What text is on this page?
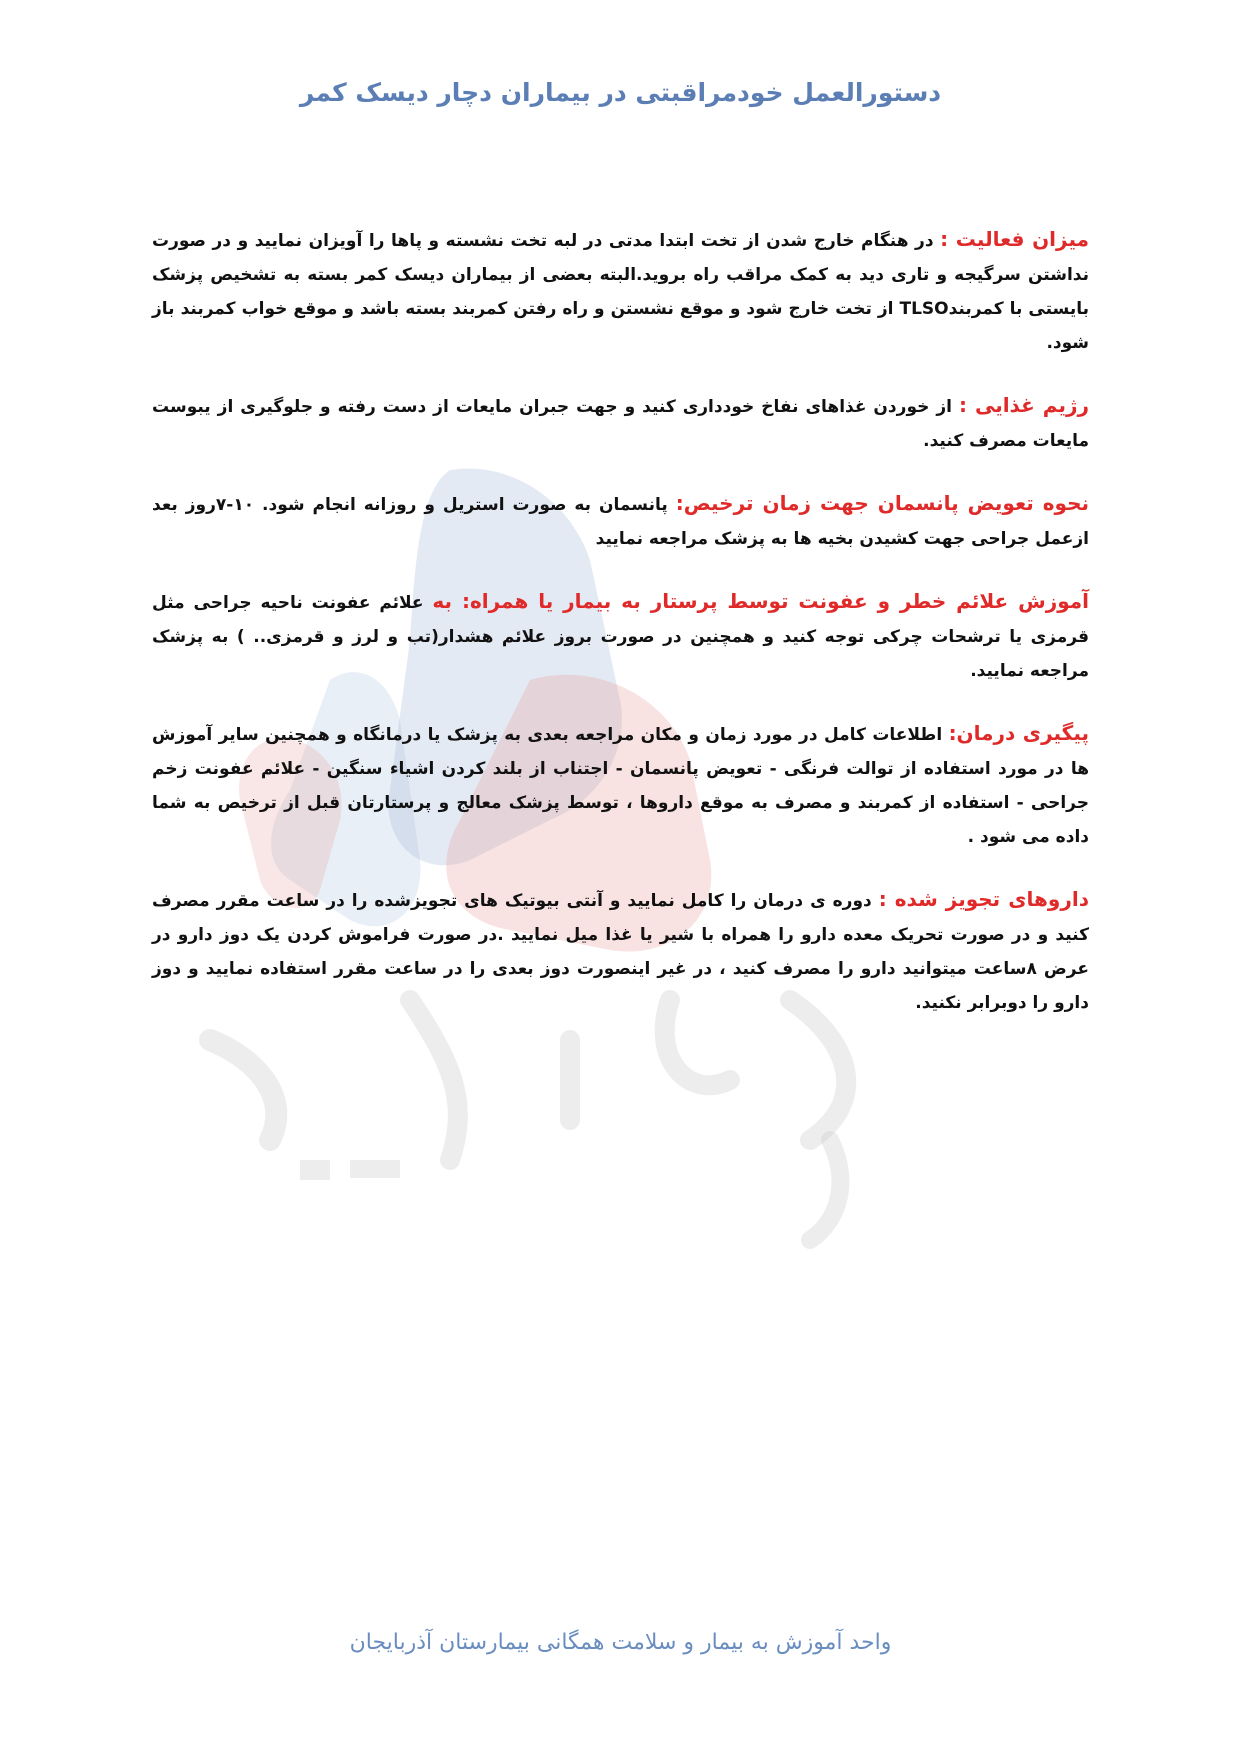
دستورالعمل خودمراقبتی در بیماران دچار دیسک کمر

میزان فعالیت : در هنگام خارج شدن از تخت ابتدا مدتی در لبه تخت نشسته و پاها را آویزان نمایید و در صورت نداشتن سرگیجه و تاری دید به کمک مراقب راه بروید.البته بعضی از بیماران دیسک کمر بسته به تشخیص پزشک بایستی با کمربندTLSO از تخت خارج شود و موقع نشستن و راه رفتن کمربند بسته باشد و موقع خواب کمربند باز شود.

رژیم غذایی : از خوردن غذاهای نفاخ خودداری کنید و جهت جبران مایعات از دست رفته و جلوگیری از یبوست مایعات مصرف کنید.

نحوه تعویض پانسمان جهت زمان ترخیص: پانسمان به صورت استریل و روزانه انجام شود. ۱۰-۷روز بعد ازعمل جراحی جهت کشیدن بخیه ها به پزشک مراجعه نمایید

آموزش علائم خطر و عفونت توسط پرستار به بیمار یا همراه: به علائم عفونت ناحیه جراحی مثل قرمزی یا ترشحات چرکی توجه کنید و همچنین در صورت بروز علائم هشدار(تب و لرز و قرمزی.. ) به پزشک مراجعه نمایید.

پیگیری درمان: اطلاعات کامل در مورد زمان و مکان مراجعه بعدی به پزشک یا درمانگاه و همچنین سایر آموزش ها در مورد استفاده از توالت فرنگی - تعویض پانسمان - اجتناب از بلند کردن اشیاء سنگین - علائم عفونت زخم جراحی - استفاده از کمربند و مصرف به موقع داروها ، توسط پزشک معالج و پرستارتان قبل از ترخیص به شما داده می شود .

داروهای تجویز شده : دوره ی درمان را کامل نمایید و آنتی بیوتیک های تجویزشده را در ساعت مقرر مصرف کنید و در صورت تحریک معده دارو را همراه با شیر یا غذا میل نمایید .در صورت فراموش کردن یک دوز دارو در عرض ۸ساعت میتوانید دارو را مصرف کنید ، در غیر اینصورت دوز بعدی را در ساعت مقرر استفاده نمایید و دوز دارو را دوبرابر نکنید.

واحد آموزش به بیمار و سلامت همگانی بیمارستان آذربایجان
